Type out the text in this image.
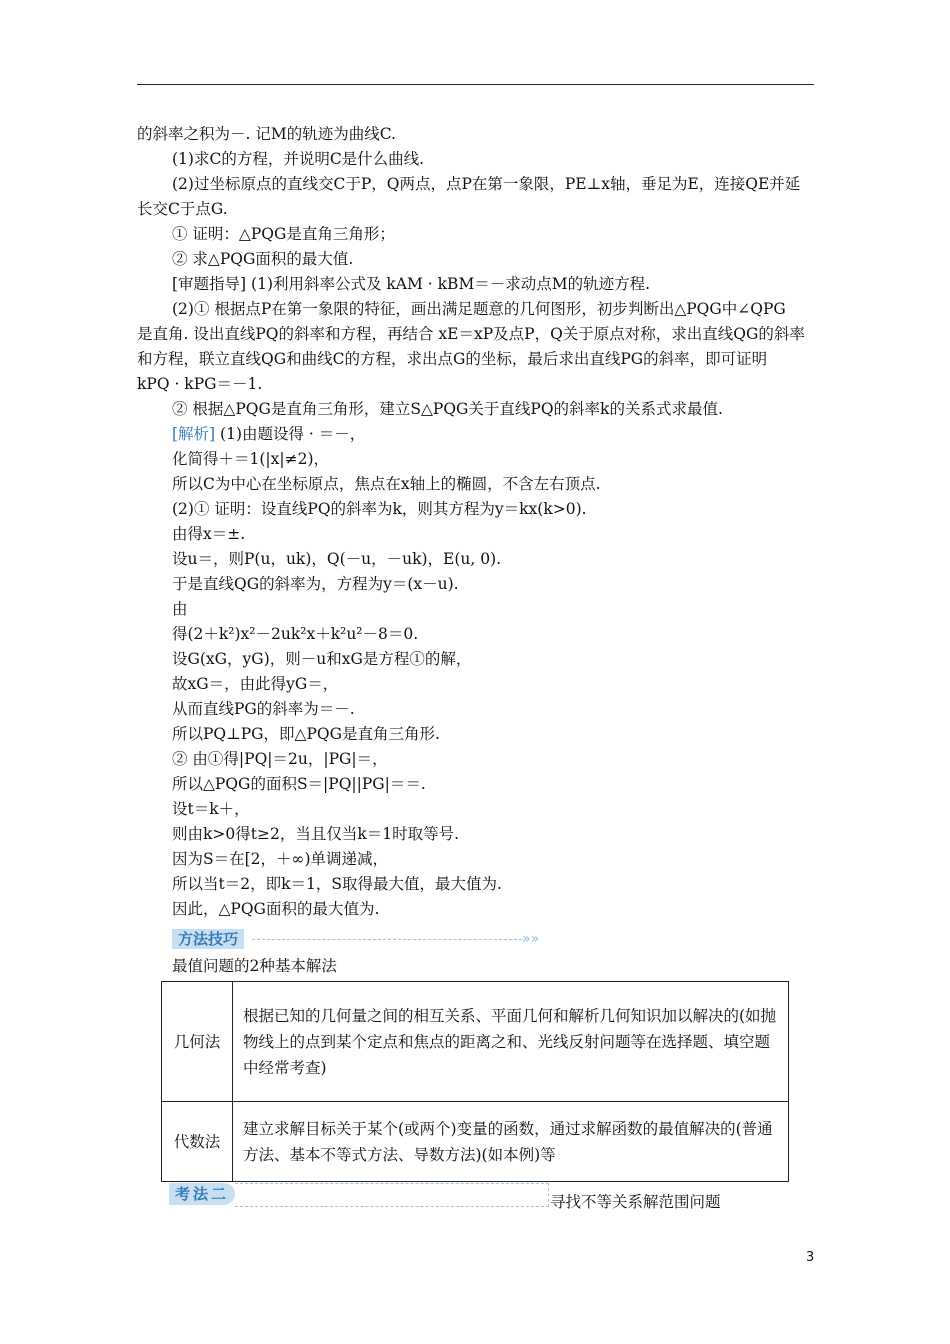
的斜率之积为－. 记M的轨迹为曲线C.
(1)求C的方程，并说明C是什么曲线.
(2)过坐标原点的直线交C于P，Q两点，点P在第一象限，PE⊥x轴，垂足为E，连接QE并延
长交C于点G.
① 证明：△PQG是直角三角形；
② 求△PQG面积的最大值.
[审题指导] (1)利用斜率公式及 kAM · kBM＝－求动点M的轨迹方程.
(2)① 根据点P在第一象限的特征，画出满足题意的几何图形，初步判断出△PQG中∠QPG
是直角. 设出直线PQ的斜率和方程，再结合 xE＝xP及点P，Q关于原点对称，求出直线QG的斜率
和方程，联立直线QG和曲线C的方程，求出点G的坐标，最后求出直线PG的斜率，即可证明
kPQ · kPG＝－1.
② 根据△PQG是直角三角形，建立S△PQG关于直线PQ的斜率k的关系式求最值.
[解析] (1)由题设得 · ＝－，
化简得＋＝1(|x|≠2)，
所以C为中心在坐标原点，焦点在x轴上的椭圆，不含左右顶点.
(2)① 证明：设直线PQ的斜率为k，则其方程为y＝kx(k>0).
由得x＝±.
设u＝，则P(u，uk)，Q(－u，－uk)，E(u, 0).
于是直线QG的斜率为，方程为y＝(x－u).
由
得(2＋k²)x²－2uk²x＋k²u²－8＝0.
设G(xG，yG)，则－u和xG是方程①的解，
故xG＝，由此得yG＝，
从而直线PG的斜率为＝－.
所以PQ⊥PG，即△PQG是直角三角形.
② 由①得|PQ|＝2u，|PG|＝，
所以△PQG的面积S＝|PQ||PG|＝＝.
设t＝k＋，
则由k>0得t≥2，当且仅当k＝1时取等号.
因为S＝在[2，＋∞)单调递减，
所以当t＝2，即k＝1，S取得最大值，最大值为.
因此，△PQG面积的最大值为.
方法技巧	»»
最值问题的2种基本解法
几何法	根据已知的几何量之间的相互关系、平面几何和解析几何知识加以解决的(如抛物线上的点到某个定点和焦点的距离之和、光线反射问题等在选择题、填空题中经常考查)
代数法	建立求解目标关于某个(或两个)变量的函数，通过求解函数的最值解决的(普通方法、基本不等式方法、导数方法)(如本例)等
考法二	寻找不等关系解范围问题
3
